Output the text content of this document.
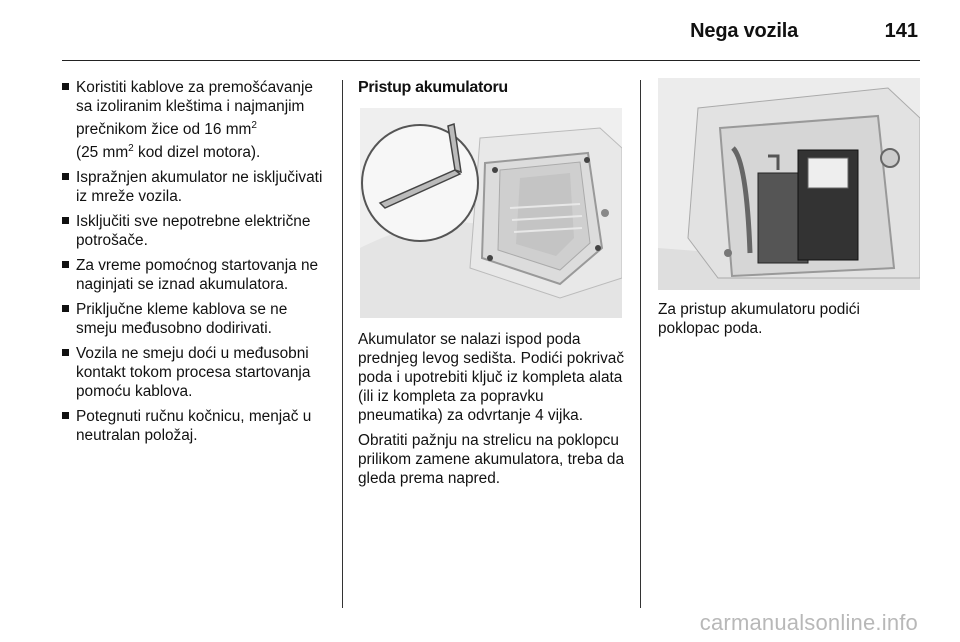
Nega vozila	141
Koristiti kablove za premošćavanje sa izoliranim kleštima i najmanjim prečnikom žice od 16 $mm^2$
(25 $mm^2$ kod dizel motora).
Ispražnjen akumulator ne isključivati iz mreže vozila.
Isključiti sve nepotrebne električne potrošače.
Za vreme pomoćnog startovanja ne naginjati se iznad akumulatora.
Priključne kleme kablova se ne smeju međusobno dodirivati.
Vozila ne smeju doći u međusobni kontakt tokom procesa startovanja pomoću kablova.
Potegnuti ručnu kočnicu, menjač u neutralan položaj.
Pristup akumulatoru

Akumulator se nalazi ispod poda prednjeg levog sedišta. Podići pokrivač poda i upotrebiti ključ iz kompleta alata (ili iz kompleta za popravku pneumatika) za odvrtanje 4 vijka.

Obratiti pažnju na strelicu na poklopcu prilikom zamene akumulatora, treba da gleda prema napred.

Za pristup akumulatoru podići poklopac poda.

carmanualsonline.info
